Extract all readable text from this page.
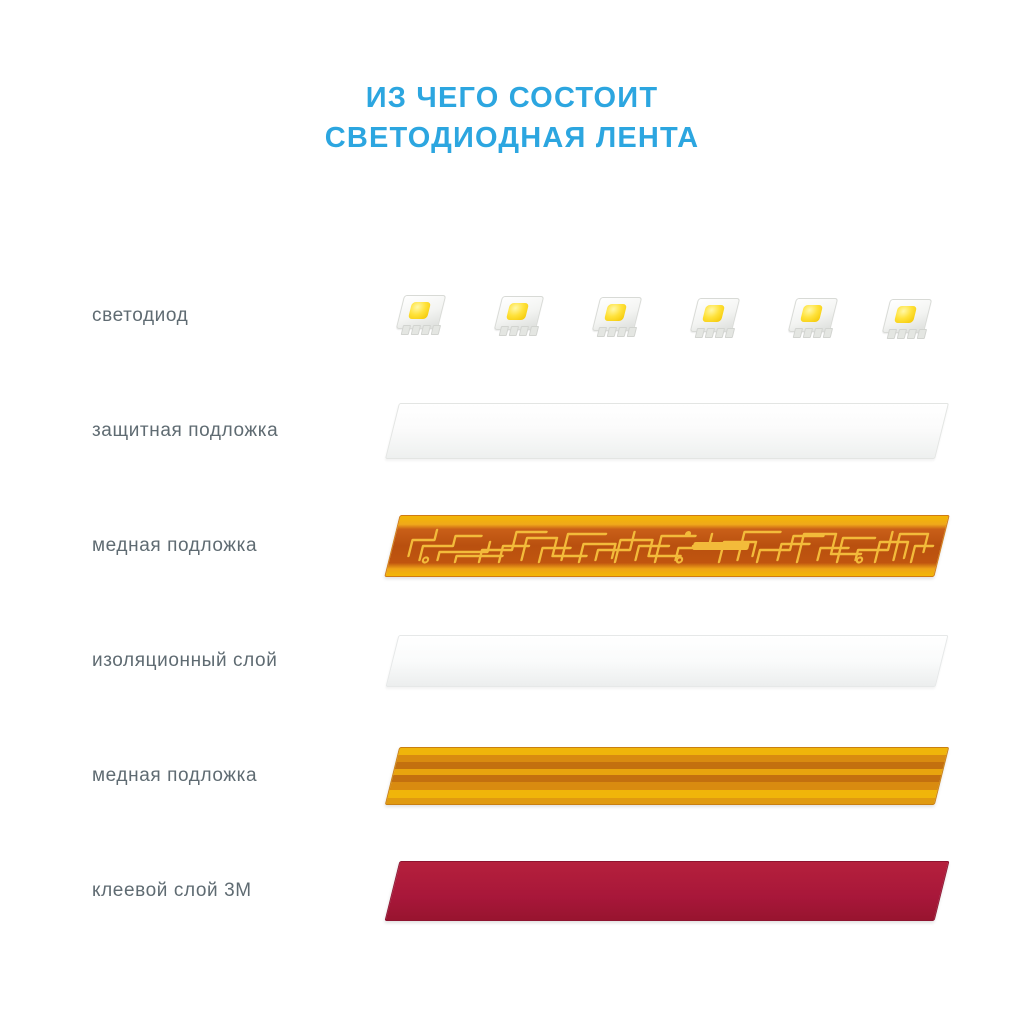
ИЗ ЧЕГО СОСТОИТ
СВЕТОДИОДНАЯ ЛЕНТА
светодиод
защитная подложка
медная подложка
изоляционный слой
медная подложка
клеевой слой 3M
